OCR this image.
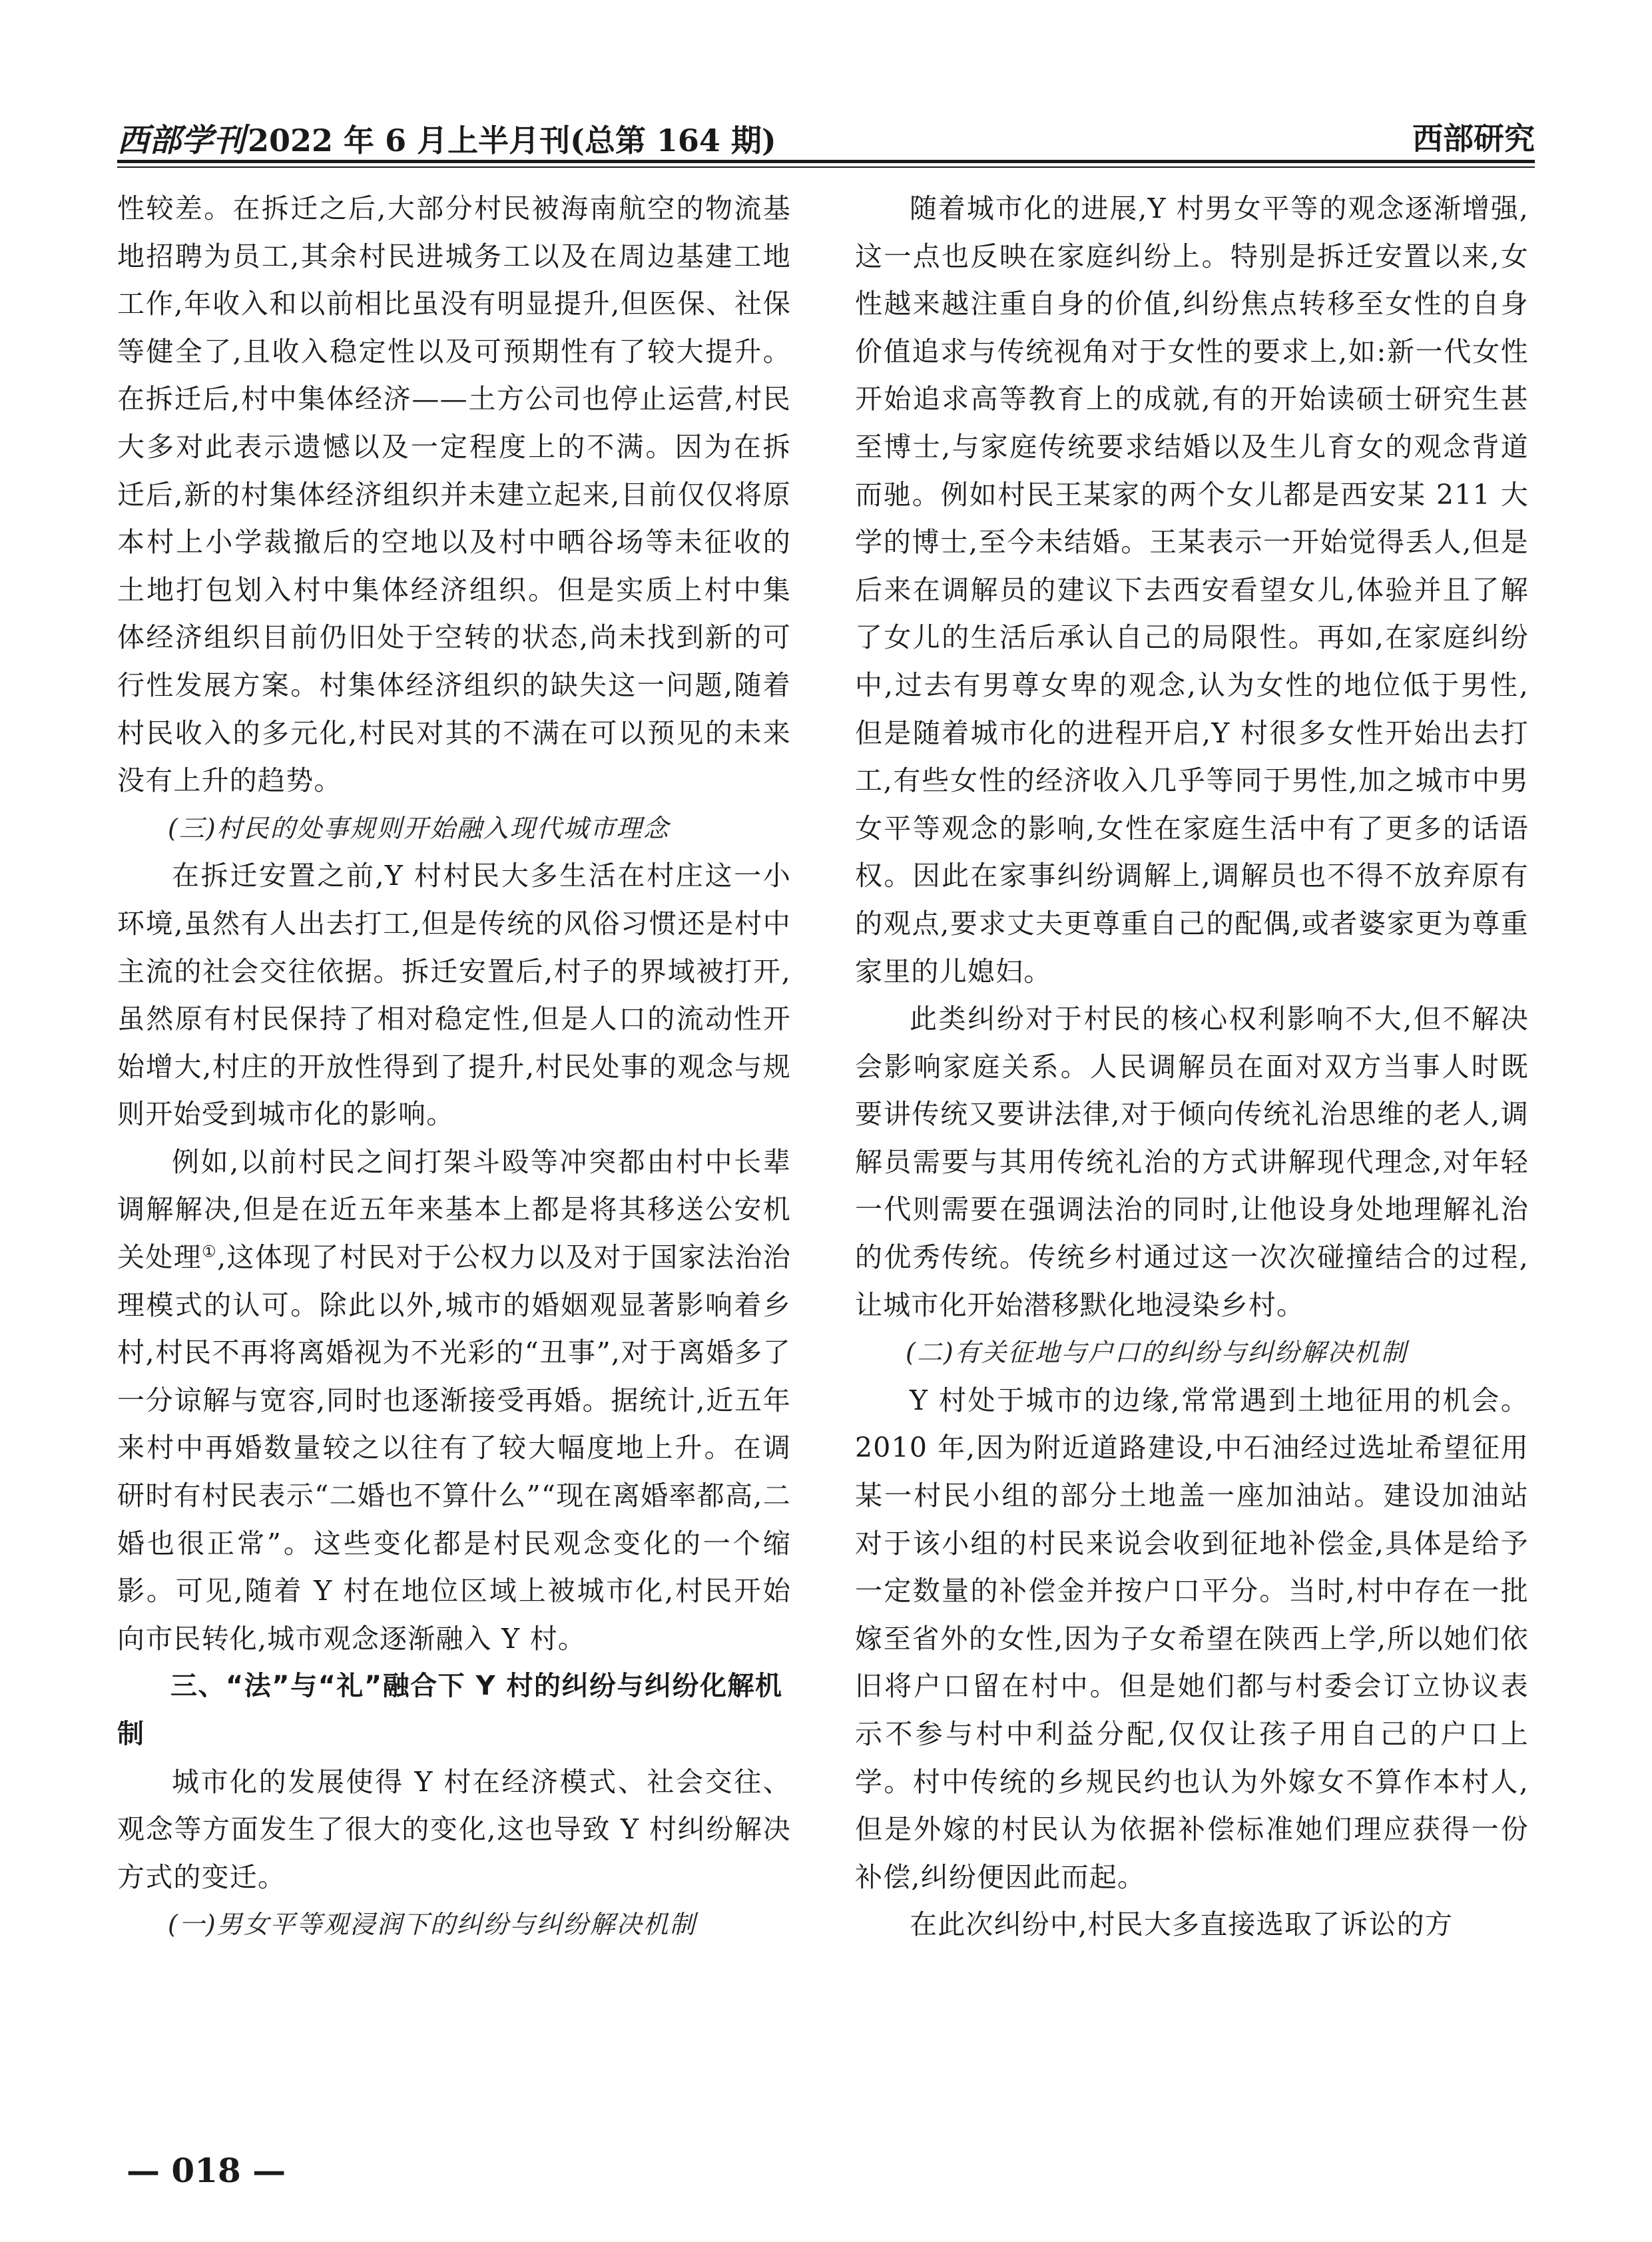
西部学刊2022 年 6 月上半月刊(总第 164 期)	西部研究

性较差。在拆迁之后,大部分村民被海南航空的物流基地招聘为员工,其余村民进城务工以及在周边基建工地工作,年收入和以前相比虽没有明显提升,但医保、社保等健全了,且收入稳定性以及可预期性有了较大提升。在拆迁后,村中集体经济——土方公司也停止运营,村民大多对此表示遗憾以及一定程度上的不满。因为在拆迁后,新的村集体经济组织并未建立起来,目前仅仅将原本村上小学裁撤后的空地以及村中晒谷场等未征收的土地打包划入村中集体经济组织。但是实质上村中集体经济组织目前仍旧处于空转的状态,尚未找到新的可行性发展方案。村集体经济组织的缺失这一问题,随着村民收入的多元化,村民对其的不满在可以预见的未来没有上升的趋势。

(三)村民的处事规则开始融入现代城市理念

在拆迁安置之前,Y 村村民大多生活在村庄这一小环境,虽然有人出去打工,但是传统的风俗习惯还是村中主流的社会交往依据。拆迁安置后,村子的界域被打开,虽然原有村民保持了相对稳定性,但是人口的流动性开始增大,村庄的开放性得到了提升,村民处事的观念与规则开始受到城市化的影响。

例如,以前村民之间打架斗殴等冲突都由村中长辈调解解决,但是在近五年来基本上都是将其移送公安机关处理①,这体现了村民对于公权力以及对于国家法治治理模式的认可。除此以外,城市的婚姻观显著影响着乡村,村民不再将离婚视为不光彩的“丑事”,对于离婚多了一分谅解与宽容,同时也逐渐接受再婚。据统计,近五年来村中再婚数量较之以往有了较大幅度地上升。在调研时有村民表示“二婚也不算什么”“现在离婚率都高,二婚也很正常”。这些变化都是村民观念变化的一个缩影。可见,随着 Y 村在地位区域上被城市化,村民开始向市民转化,城市观念逐渐融入 Y 村。

三、“法”与“礼”融合下 Y 村的纠纷与纠纷化解机制

城市化的发展使得 Y 村在经济模式、社会交往、观念等方面发生了很大的变化,这也导致 Y 村纠纷解决方式的变迁。

(一)男女平等观浸润下的纠纷与纠纷解决机制

随着城市化的进展,Y 村男女平等的观念逐渐增强,这一点也反映在家庭纠纷上。特别是拆迁安置以来,女性越来越注重自身的价值,纠纷焦点转移至女性的自身价值追求与传统视角对于女性的要求上,如:新一代女性开始追求高等教育上的成就,有的开始读硕士研究生甚至博士,与家庭传统要求结婚以及生儿育女的观念背道而驰。例如村民王某家的两个女儿都是西安某 211 大学的博士,至今未结婚。王某表示一开始觉得丢人,但是后来在调解员的建议下去西安看望女儿,体验并且了解了女儿的生活后承认自己的局限性。再如,在家庭纠纷中,过去有男尊女卑的观念,认为女性的地位低于男性,但是随着城市化的进程开启,Y 村很多女性开始出去打工,有些女性的经济收入几乎等同于男性,加之城市中男女平等观念的影响,女性在家庭生活中有了更多的话语权。因此在家事纠纷调解上,调解员也不得不放弃原有的观点,要求丈夫更尊重自己的配偶,或者婆家更为尊重家里的儿媳妇。

此类纠纷对于村民的核心权利影响不大,但不解决会影响家庭关系。人民调解员在面对双方当事人时既要讲传统又要讲法律,对于倾向传统礼治思维的老人,调解员需要与其用传统礼治的方式讲解现代理念,对年轻一代则需要在强调法治的同时,让他设身处地理解礼治的优秀传统。传统乡村通过这一次次碰撞结合的过程,让城市化开始潜移默化地浸染乡村。

(二)有关征地与户口的纠纷与纠纷解决机制

Y 村处于城市的边缘,常常遇到土地征用的机会。2010 年,因为附近道路建设,中石油经过选址希望征用某一村民小组的部分土地盖一座加油站。建设加油站对于该小组的村民来说会收到征地补偿金,具体是给予一定数量的补偿金并按户口平分。当时,村中存在一批嫁至省外的女性,因为子女希望在陕西上学,所以她们依旧将户口留在村中。但是她们都与村委会订立协议表示不参与村中利益分配,仅仅让孩子用自己的户口上学。村中传统的乡规民约也认为外嫁女不算作本村人,但是外嫁的村民认为依据补偿标准她们理应获得一份补偿,纠纷便因此而起。

在此次纠纷中,村民大多直接选取了诉讼的方

— 018 —
